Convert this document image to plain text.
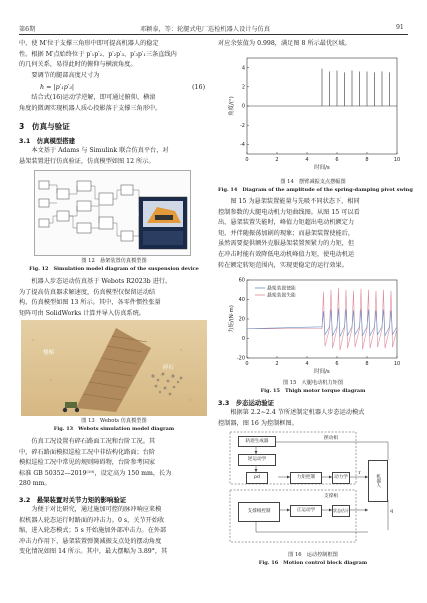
第6期	邓颖泰，等：轮腿式电厂巡检机器人设计与仿真	91
中，使 M′位于支撑三角形中即可提高机器人的稳定
性。根据 M′点始终位于 p′₁p′₂、p′₂p′₃、p′₃p′₁三条直线内
的几何关系，易得此时的俯仰与横滚角度。
　　要调节的腿部高度尺寸为
h = |p′₁p′₃|	(16)
　　结合式(16)运动学逆解，即可通过俯仰、横滚
角度的微调实现机器人质心投影落于支撑三角形中。
3　仿真与验证
3.1　仿真模型搭建
　　本文基于 Adams 与 Simulink 联合仿真平台，对
悬架装置进行仿真验证，仿真模型如图 12 所示。
图 12　悬架装置仿真模型图
Fig. 12　Simulation model diagram of the suspension device
　　机器人步态运动仿真基于 Webots R2023b 进行。
为了提高仿真器求解速度，仿真模型仅保留运动结
构，仿真模型如图 13 所示。其中，各零件惯性张量
矩阵可由 SolidWorks 计算并导入仿真系统。
楼梯
碎石
图 13　Webots 仿真模型图
Fig. 13　Webots simulation model diagram
　　仿真工况设置有碎石路面工况和台阶工况。其
中，碎石路面模拟巡检工况中非结构化路面；台阶
模拟巡检工况中常见的规则障碍物，台阶参考国家
标准 GB 50352—2019⁽¹⁹⁾，设定高为 150 mm，长为
280 mm。
3.2　悬架装置对关节力矩的影响验证
　　为便于对比研究，通过施加可控的脉冲响应来模
拟机器人轮态运行时路面的冲击力。0 s，关节开始收
缩，进入轮态模式；5 s 开始施加外部冲击力。在外部
冲击力作用下，悬架装置弹簧减振支点处的摆动角度
变化情况如图 14 所示。其中，最大摆幅为 3.89°，其
对应余弦值为 0.998，满足图 8 所示最优区域。
0	2	4	6	8	10
-4
-2
0
2
4
时间/s
角度/(°)
图 14　摆臂减振支点摆幅图
Fig. 14　Diagram of the amplitude of the spring-damping pivot swing
　　图 15 为悬架装置能量与先吸不同状态下，相同
控制参数的大腿电动机力矩曲线图。从图 15 可以看
出，悬架装置失能时，峰值力矩超出电动机额定力
矩，并伴随振荡加剧的现象；而悬架装置使能后，
虽然需要提供额外克服悬架装置预紧力的力矩，但
在冲击时能有效降低电动机峰值力矩，使电动机运
转在额定转矩范围内，实现更稳定的运行效果。
0	2	4	6	8	10
-20
0
20
40
60
时间/s
力矩/(N·m)
悬架装置使能
悬架装置失能
图 15　大腿电动机力矩图
Fig. 15　Thigh motor torque diagram
3.3　步态运动验证
　　根据第 2.2~2.4 节所述制定机器人步态运动模式
控制器，图 16 为控制框图。
轨迹生成器
摆动相
逆运动学
pd	力矩控制	动力学	机器人
支撑相
支撑相控制	正运动学	状态估计	q
τ
图 16　运动控制框图
Fig. 16　Motion control block diagram
